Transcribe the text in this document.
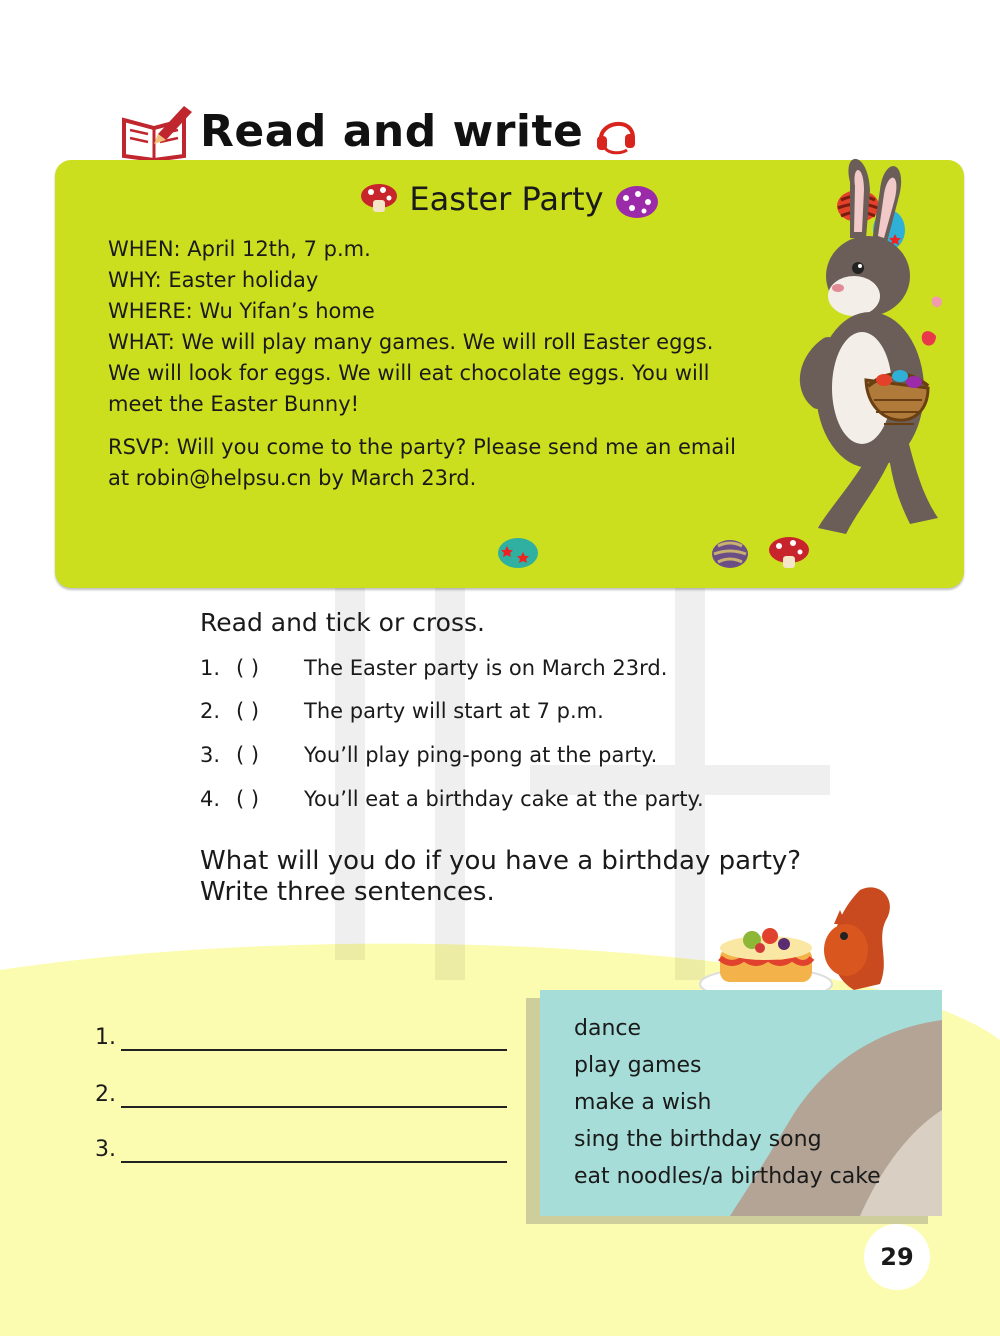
Read and write
Easter Party

WHEN: April 12th, 7 p.m.

WHY: Easter holiday

WHERE: Wu Yifan’s home

WHAT: We will play many games. We will roll Easter eggs.

We will look for eggs. We will eat chocolate eggs. You will

meet the Easter Bunny!

RSVP: Will you come to the party? Please send me an email

at robin@helpsu.cn by March 23rd.

Read and tick or cross.
1. ( ) The Easter party is on March 23rd.
2. ( ) The party will start at 7 p.m.
3. ( ) You’ll play ping-pong at the party.
4. ( ) You’ll eat a birthday cake at the party.

What will you do if you have a birthday party?

Write three sentences.

1.
2.
3.
dance
play games
make a wish
sing the birthday song
eat noodles/a birthday cake
29
